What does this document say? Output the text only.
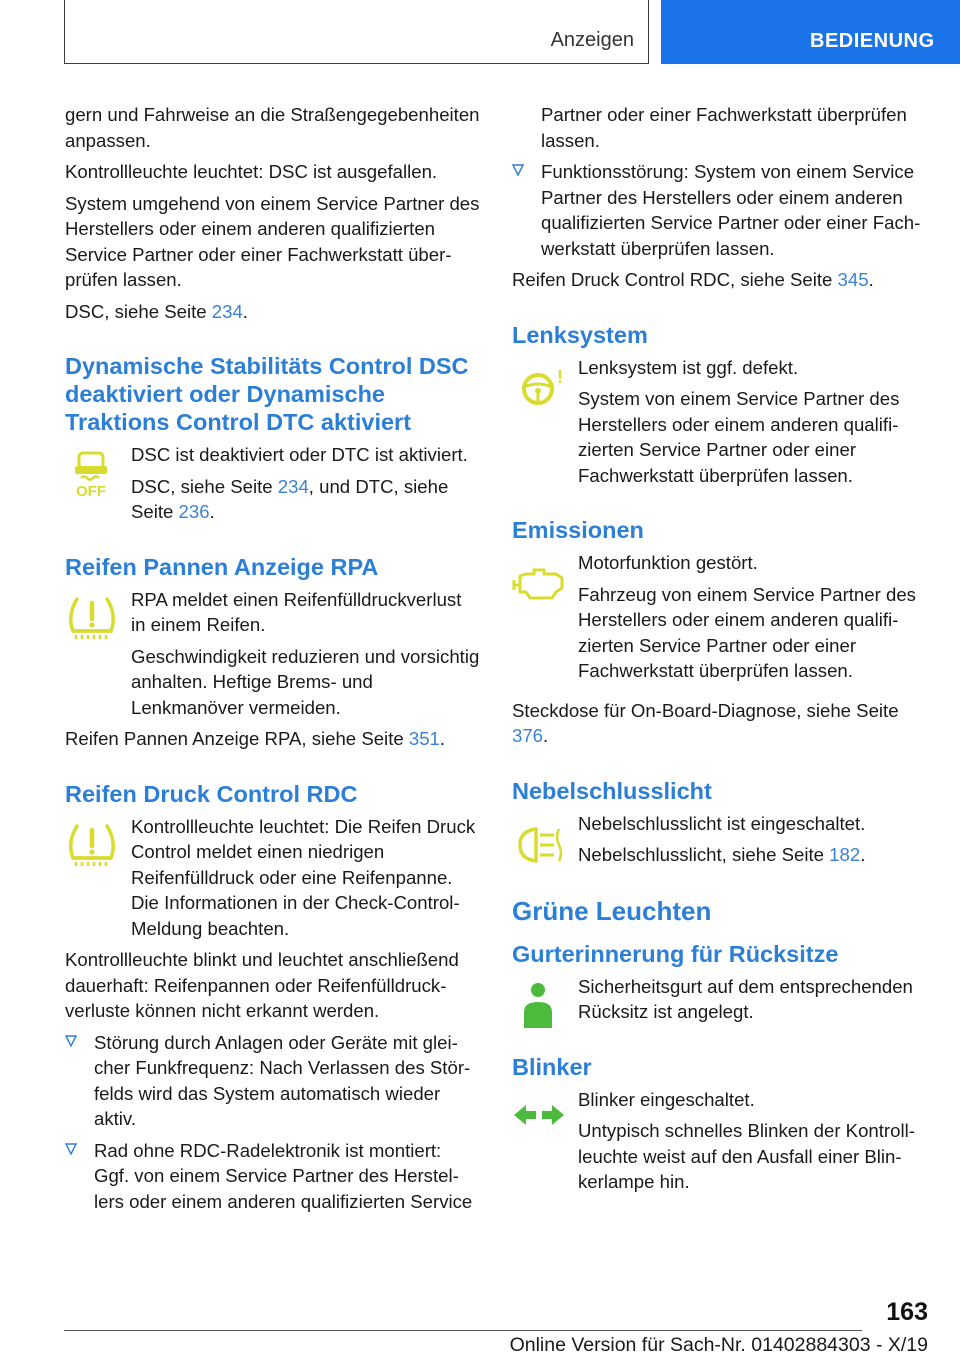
Anzeigen	BEDIENUNG

gern und Fahrweise an die Straßengegebenheiten anpassen.

Kontrollleuchte leuchtet: DSC ist ausgefallen.

System umgehend von einem Service Partner des Herstellers oder einem anderen qualifizierten Service Partner oder einer Fachwerkstatt überprüfen lassen.

DSC, siehe Seite 234.

Dynamische Stabilitäts Control DSC deaktiviert oder Dynamische Traktions Control DTC aktiviert
OFF

DSC ist deaktiviert oder DTC ist aktiviert.

DSC, siehe Seite 234, und DTC, siehe Seite 236.

Reifen Pannen Anzeige RPA

RPA meldet einen Reifenfülldruckverlust in einem Reifen.

Geschwindigkeit reduzieren und vorsichtig anhalten. Heftige Brems- und Lenkmanöver vermeiden.

Reifen Pannen Anzeige RPA, siehe Seite 351.

Reifen Druck Control RDC

Kontrollleuchte leuchtet: Die Reifen Druck Control meldet einen niedrigen Reifenfülldruck oder eine Reifenpanne. Die Informationen in der Check-Control-Meldung beachten.

Kontrollleuchte blinkt und leuchtet anschließend dauerhaft: Reifenpannen oder Reifenfülldruckverluste können nicht erkannt werden.

Störung durch Anlagen oder Geräte mit gleicher Funkfrequenz: Nach Verlassen des Störfelds wird das System automatisch wieder aktiv.
Rad ohne RDC-Radelektronik ist montiert: Ggf. von einem Service Partner des Herstellers oder einem anderen qualifizierten Service
Partner oder einer Fachwerkstatt überprüfen lassen.
Funktionsstörung: System von einem Service Partner des Herstellers oder einem anderen qualifizierten Service Partner oder einer Fachwerkstatt überprüfen lassen.

Reifen Druck Control RDC, siehe Seite 345.

Lenksystem
! Lenksystem ist ggf. defekt.

System von einem Service Partner des Herstellers oder einem anderen qualifizierten Service Partner oder einer Fachwerkstatt überprüfen lassen.

Emissionen

Motorfunktion gestört.

Fahrzeug von einem Service Partner des Herstellers oder einem anderen qualifizierten Service Partner oder einer Fachwerkstatt überprüfen lassen.

Steckdose für On-Board-Diagnose, siehe Seite 376.

Nebelschlusslicht

Nebelschlusslicht ist eingeschaltet.

Nebelschlusslicht, siehe Seite 182.

Grüne Leuchten
Gurterinnerung für Rücksitze

Sicherheitsgurt auf dem entsprechenden Rücksitz ist angelegt.

Blinker

Blinker eingeschaltet.

Untypisch schnelles Blinken der Kontrollleuchte weist auf den Ausfall einer Blinkerlampe hin.

163
Online Version für Sach-Nr. 01402884303 - X/19
